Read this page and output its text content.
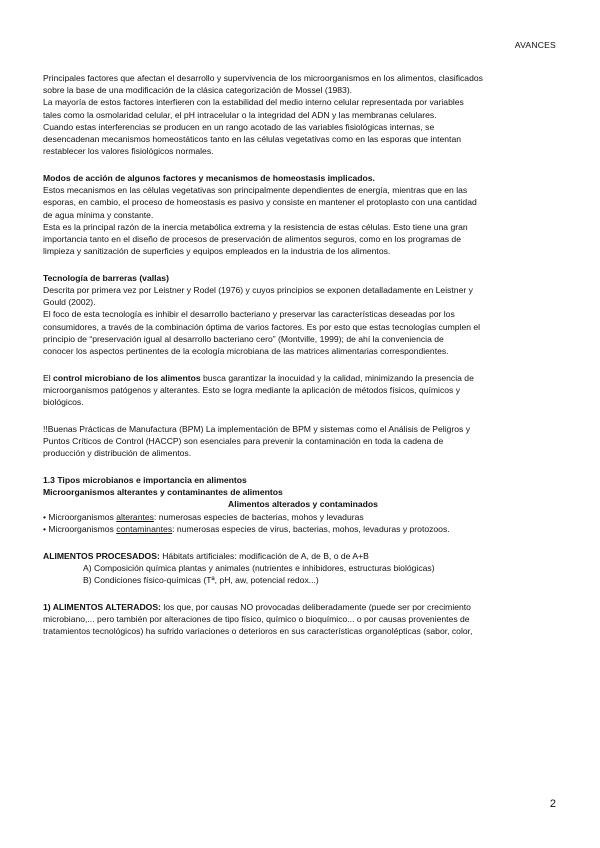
AVANCES

Principales factores que afectan el desarrollo y supervivencia de los microorganismos en los alimentos, clasificados

sobre la base de una modificación de la clásica categorización de Mossel (1983).

La mayoría de estos factores interfieren con la estabilidad del medio interno celular representada por variables

tales como la osmolaridad celular, el pH intracelular o la integridad del ADN y las membranas celulares.

Cuando estas interferencias se producen en un rango acotado de las variables fisiológicas internas, se

desencadenan mecanismos homeostáticos tanto en las células vegetativas como en las esporas que intentan

restablecer los valores fisiológicos normales.

Modos de acción de algunos factores y mecanismos de homeostasis implicados.

Estos mecanismos en las células vegetativas son principalmente dependientes de energía, mientras que en las

esporas, en cambio, el proceso de homeostasis es pasivo y consiste en mantener el protoplasto con una cantidad

de agua mínima y constante.

Esta es la principal razón de la inercia metabólica extrema y la resistencia de estas células. Esto tiene una gran

importancia tanto en el diseño de procesos de preservación de alimentos seguros, como en los programas de

limpieza y sanitización de superficies y equipos empleados en la industria de los alimentos.

Tecnología de barreras (vallas)

Descrita por primera vez por Leistner y Rodel (1976) y cuyos principios se exponen detalladamente en Leistner y

Gould (2002).

El foco de esta tecnología es inhibir el desarrollo bacteriano y preservar las características deseadas por los

consumidores, a través de la combinación óptima de varios factores. Es por esto que estas tecnologías cumplen el

principio de “preservación igual al desarrollo bacteriano cero” (Montville, 1999); de ahí la conveniencia de

conocer los aspectos pertinentes de la ecología microbiana de las matrices alimentarias correspondientes.

El control microbiano de los alimentos busca garantizar la inocuidad y la calidad, minimizando la presencia de

microorganismos patógenos y alterantes. Esto se logra mediante la aplicación de métodos físicos, químicos y

biológicos.

!!Buenas Prácticas de Manufactura (BPM) La implementación de BPM y sistemas como el Análisis de Peligros y

Puntos Críticos de Control (HACCP) son esenciales para prevenir la contaminación en toda la cadena de

producción y distribución de alimentos.

1.3 Tipos microbianos e importancia en alimentos

Microorganismos alterantes y contaminantes de alimentos

Alimentos alterados y contaminados

• Microorganismos alterantes: numerosas especies de bacterias, mohos y levaduras

• Microorganismos contaminantes: numerosas especies de virus, bacterias, mohos, levaduras y protozoos.

ALIMENTOS PROCESADOS: Hábitats artificiales: modificación de A, de B, o de A+B

A) Composición química plantas y animales (nutrientes e inhibidores, estructuras biológicas)

B) Condiciones físico-químicas (Tª, pH, aw, potencial redox...)

1) ALIMENTOS ALTERADOS: los que, por causas NO provocadas deliberadamente (puede ser por crecimiento

microbiano,... pero también por alteraciones de tipo físico, químico o bioquímico... o por causas provenientes de

tratamientos tecnológicos) ha sufrido variaciones o deterioros en sus características organolépticas (sabor, color,

2
